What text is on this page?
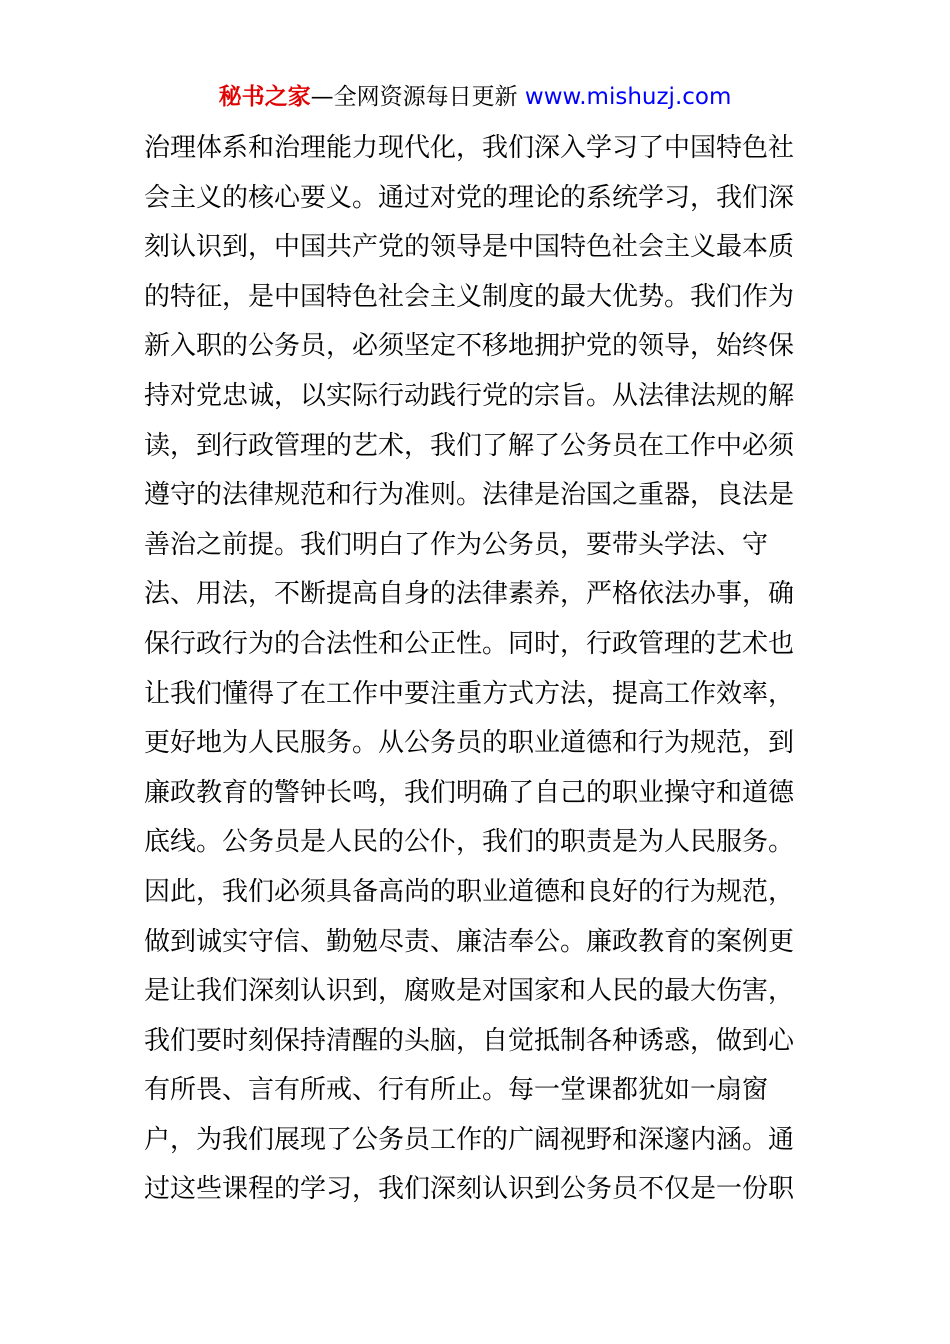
秘书之家—全网资源每日更新 www.mishuzj.com
治理体系和治理能力现代化，我们深入学习了中国特色社
会主义的核心要义。通过对党的理论的系统学习，我们深
刻认识到，中国共产党的领导是中国特色社会主义最本质
的特征，是中国特色社会主义制度的最大优势。我们作为
新入职的公务员，必须坚定不移地拥护党的领导，始终保
持对党忠诚，以实际行动践行党的宗旨。从法律法规的解
读，到行政管理的艺术，我们了解了公务员在工作中必须
遵守的法律规范和行为准则。法律是治国之重器，良法是
善治之前提。我们明白了作为公务员，要带头学法、守
法、用法，不断提高自身的法律素养，严格依法办事，确
保行政行为的合法性和公正性。同时，行政管理的艺术也
让我们懂得了在工作中要注重方式方法，提高工作效率，
更好地为人民服务。从公务员的职业道德和行为规范，到
廉政教育的警钟长鸣，我们明确了自己的职业操守和道德
底线。公务员是人民的公仆，我们的职责是为人民服务。
因此，我们必须具备高尚的职业道德和良好的行为规范，
做到诚实守信、勤勉尽责、廉洁奉公。廉政教育的案例更
是让我们深刻认识到，腐败是对国家和人民的最大伤害，
我们要时刻保持清醒的头脑，自觉抵制各种诱惑，做到心
有所畏、言有所戒、行有所止。每一堂课都犹如一扇窗
户，为我们展现了公务员工作的广阔视野和深邃内涵。通
过这些课程的学习，我们深刻认识到公务员不仅是一份职
